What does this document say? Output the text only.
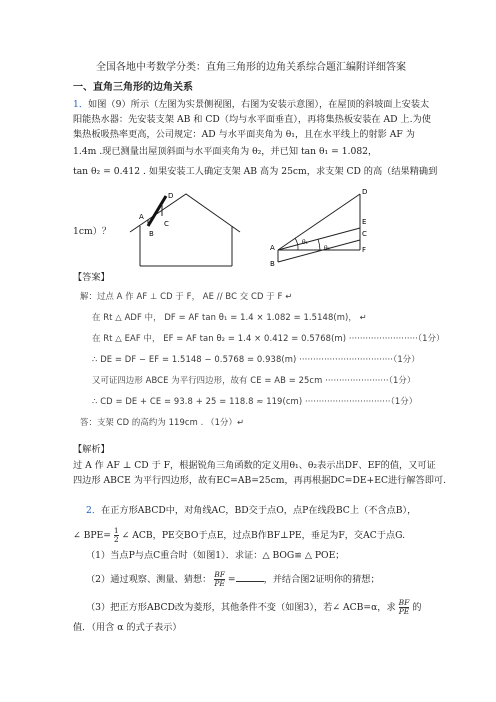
全国各地中考数学分类：直角三角形的边角关系综合题汇编附详细答案
一、直角三角形的边角关系
1．如图（9）所示（左图为实景侧视图，右图为安装示意图），在屋顶的斜坡面上安装太
阳能热水器：先安装支架 AB 和 CD（均与水平面垂直），再将集热板安装在 AD 上.为使
集热板吸热率更高，公司规定：AD 与水平面夹角为 θ₁，且在水平线上的射影 AF 为
1.4m .现已测量出屋顶斜面与水平面夹角为 θ₂，并已知 tan θ₁ = 1.082，
tan θ₂ = 0.412 . 如果安装工人确定支架 AB 高为 25cm，求支架 CD 的高（结果精确到
1cm）？
D
A
B
C
D
E
C
F
A
B
θ₁
θ₂
【答案】
解：过点 A 作 AF ⊥ CD 于 F， AE // BC 交 CD 于 F ↵
在 Rt △ ADF 中， DF = AF tan θ₁ = 1.4 × 1.082 = 1.5148(m)， ↵
在 Rt △ EAF 中， EF = AF tan θ₂ = 1.4 × 0.412 = 0.5768(m) ·························（1分）
∴ DE = DF − EF = 1.5148 − 0.5768 = 0.938(m) ··································（1分）
又可证四边形 ABCE 为平行四边形，故有 CE = AB = 25cm ·······················（1分）
∴ CD = DE + CE = 93.8 + 25 = 118.8 ≈ 119(cm) ·······························（1分）
答：支架 CD 的高约为 119cm . （1分）↵
【解析】
过 A 作 AF ⊥ CD 于 F，根据锐角三角函数的定义用θ₁、θ₂表示出DF、EF的值，又可证
四边形 ABCE 为平行四边形，故有EC=AB=25cm，再再根据DC=DE+EC进行解答即可.
2．在正方形ABCD中，对角线AC，BD交于点O，点P在线段BC上（不含点B），
∠ $BPE= \frac{1}{2}$ ∠ ACB，PE交BO于点E，过点B作BF⊥PE，垂足为F，交AC于点G.
（1）当点P与点C重合时（如图1）．求证：△ BOG≌ △ POE；
（2）通过观察、测量、猜想： $\frac{BF}{PE}$ =	，并结合图2证明你的猜想；
（3）把正方形ABCD改为菱形，其他条件不变（如图3），若∠ ACB=α，求 $\frac{BF}{PE}$ 的
值．（用含 α 的式子表示）
